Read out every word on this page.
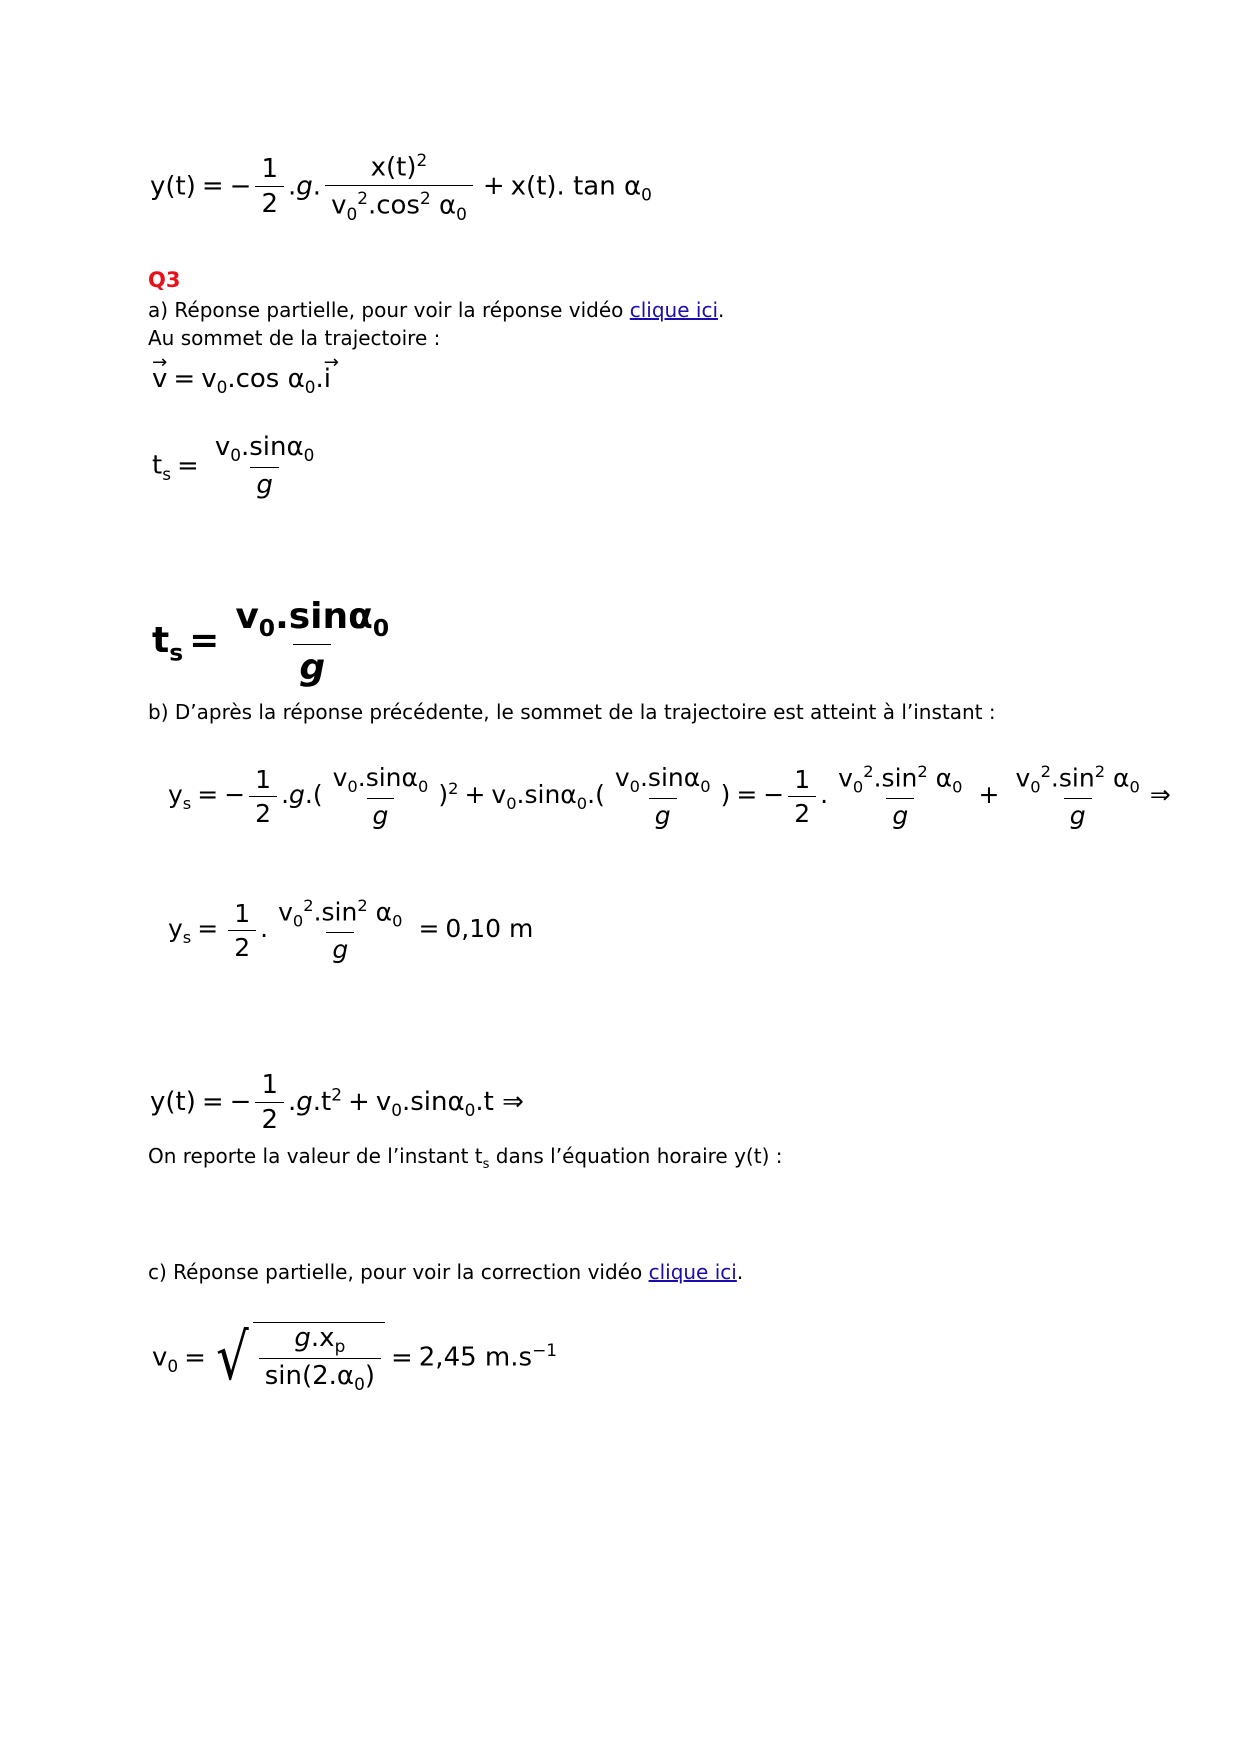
y(t) = − $\frac{1}{2} .g$. $\frac{x(t)^2}{v_0^2.\cos^2 \alpha_0} + x(t)$. $\tan \alpha_0$
Q3
a) Réponse partielle, pour voir la réponse vidéo clique ici.
Au sommet de la trajectoire :
→ $v = v_0.\cos$ $\alpha_0.\to i$
$t_s = \frac{v_0.\sin\alpha_0}{g}$
$t_s = \frac{v_0.\sin\alpha_0}{g}$
b) D’après la réponse précédente, le sommet de la trajectoire est atteint à l’instant :
$y_s$ = − $\frac{1}{2} .g.( \frac{v_0.\sin\alpha_0}{g} )^2 + v_0.\sin\alpha_0.( \frac{v_0.\sin\alpha_0}{g}$ ) = − $\frac{1}{2}$ . $\frac{v_0^2.\sin^2 \alpha_0}{g} + \frac{v_0^2.\sin^2 \alpha_0}{g}$ ⇒
$y_s = \frac{1}{2}$ . $\frac{v_0^2.\sin^2 \alpha_0}{g} = 0,10$ m
y(t) = − $\frac{1}{2} .g.t^2 + v_0.\sin\alpha_0.t$ ⇒
On reporte la valeur de l’instant $t_s$ dans l’équation horaire y(t) :
c) Réponse partielle, pour voir la correction vidéo clique ici.
$v_0$ = √ $\frac{g.x_p}{\sin(2.\alpha_0)} = 2,45$ $m.s^{-1}$
